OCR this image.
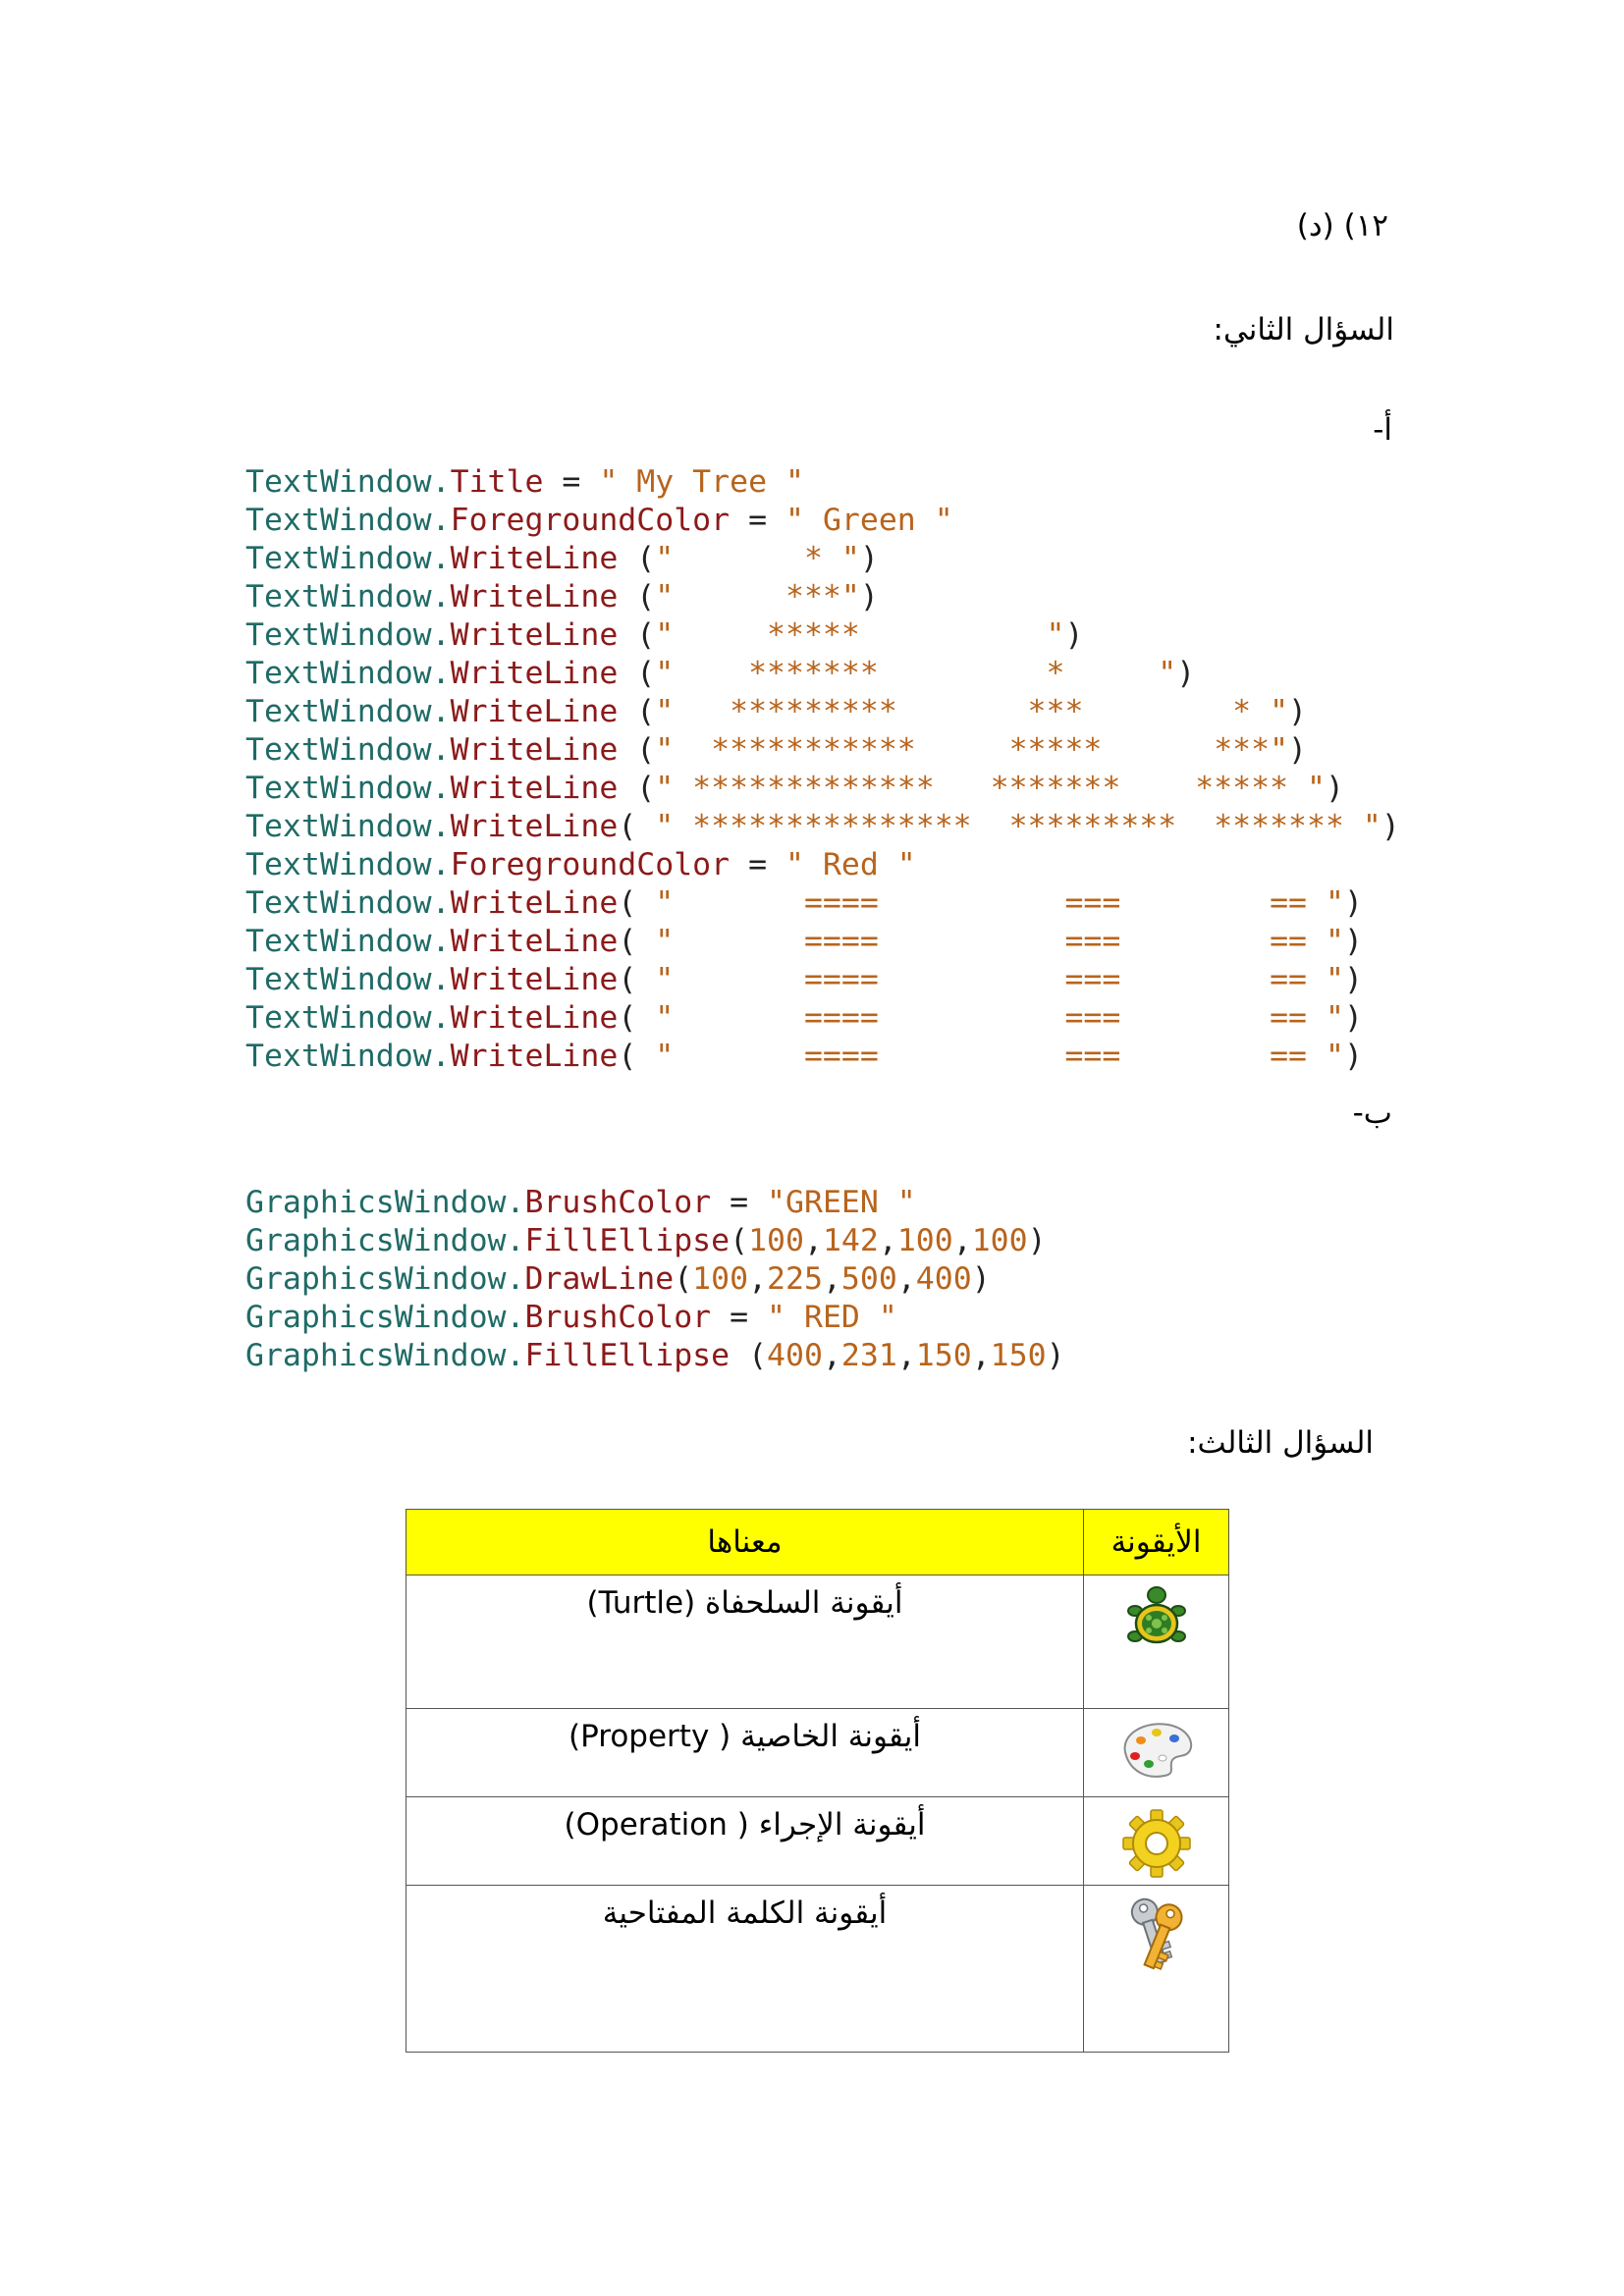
١٢) (د)
السؤال الثاني:
أ-
TextWindow.Title = " My Tree "
TextWindow.ForegroundColor = " Green "
TextWindow.WriteLine ("       * ")
TextWindow.WriteLine ("      ***")
TextWindow.WriteLine ("     *****          ")
TextWindow.WriteLine ("    *******         *     ")
TextWindow.WriteLine ("   *********       ***        * ")
TextWindow.WriteLine ("  ***********     *****      ***")
TextWindow.WriteLine (" *************   *******    ***** ")
TextWindow.WriteLine( " ***************  *********  ******* ")
TextWindow.ForegroundColor = " Red "
TextWindow.WriteLine( "       ====          ===        == ")
TextWindow.WriteLine( "       ====          ===        == ")
TextWindow.WriteLine( "       ====          ===        == ")
TextWindow.WriteLine( "       ====          ===        == ")
TextWindow.WriteLine( "       ====          ===        == ")
ب-
GraphicsWindow.BrushColor = "GREEN "
GraphicsWindow.FillEllipse(100,142,100,100)
GraphicsWindow.DrawLine(100,225,500,400)
GraphicsWindow.BrushColor = " RED "
GraphicsWindow.FillEllipse (400,231,150,150)
السؤال الثالث:
الأيقونة	معناها

	أيقونة السلحفاة (Turtle)

	أيقونة الخاصية ( Property)

	أيقونة الإجراء ( Operation)

	أيقونة الكلمة المفتاحية
